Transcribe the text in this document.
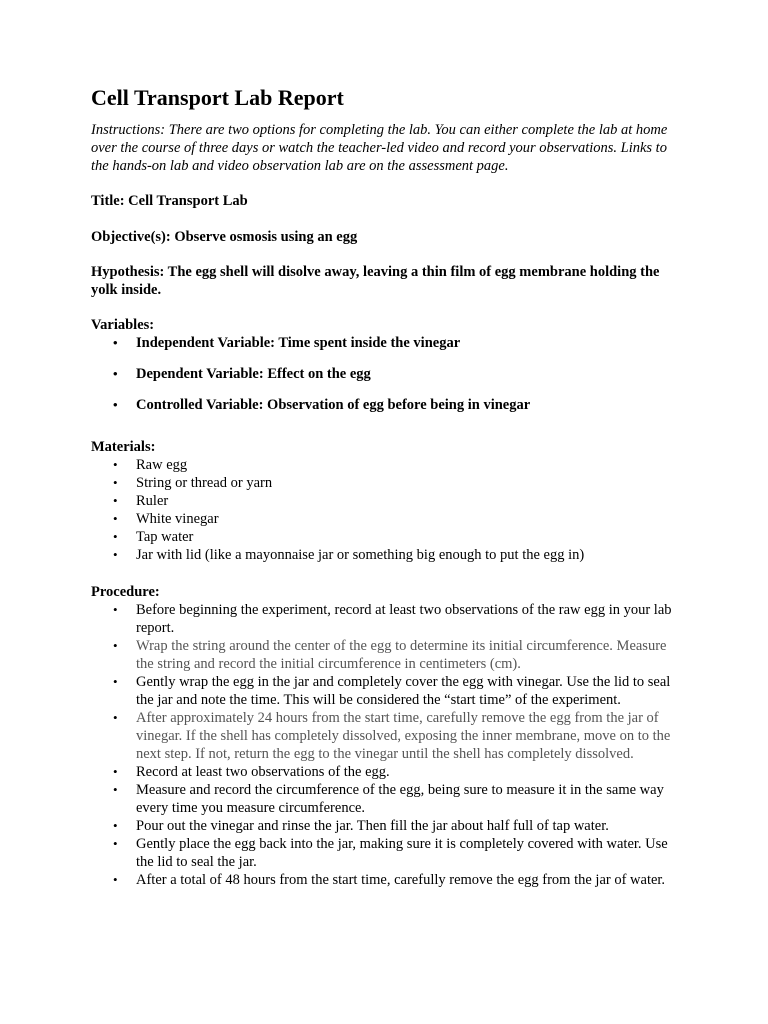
Cell Transport Lab Report

Instructions: There are two options for completing the lab. You can either complete the lab at home over the course of three days or watch the teacher-led video and record your observations. Links to the hands-on lab and video observation lab are on the assessment page.

Title: Cell Transport Lab

Objective(s): Observe osmosis using an egg

Hypothesis: The egg shell will disolve away, leaving a thin film of egg membrane holding the yolk inside.

Variables:

• Independent Variable: Time spent inside the vinegar
• Dependent Variable: Effect on the egg
• Controlled Variable: Observation of egg before being in vinegar

Materials:

• Raw egg
• String or thread or yarn
• Ruler
• White vinegar
• Tap water
• Jar with lid (like a mayonnaise jar or something big enough to put the egg in)

Procedure:

• Before beginning the experiment, record at least two observations of the raw egg in your lab report.
• Wrap the string around the center of the egg to determine its initial circumference. Measure the string and record the initial circumference in centimeters (cm).
• Gently wrap the egg in the jar and completely cover the egg with vinegar. Use the lid to seal the jar and note the time. This will be considered the “start time” of the experiment.
• After approximately 24 hours from the start time, carefully remove the egg from the jar of vinegar. If the shell has completely dissolved, exposing the inner membrane, move on to the next step. If not, return the egg to the vinegar until the shell has completely dissolved.
• Record at least two observations of the egg.
• Measure and record the circumference of the egg, being sure to measure it in the same way every time you measure circumference.
• Pour out the vinegar and rinse the jar. Then fill the jar about half full of tap water.
• Gently place the egg back into the jar, making sure it is completely covered with water. Use the lid to seal the jar.
• After a total of 48 hours from the start time, carefully remove the egg from the jar of water.
